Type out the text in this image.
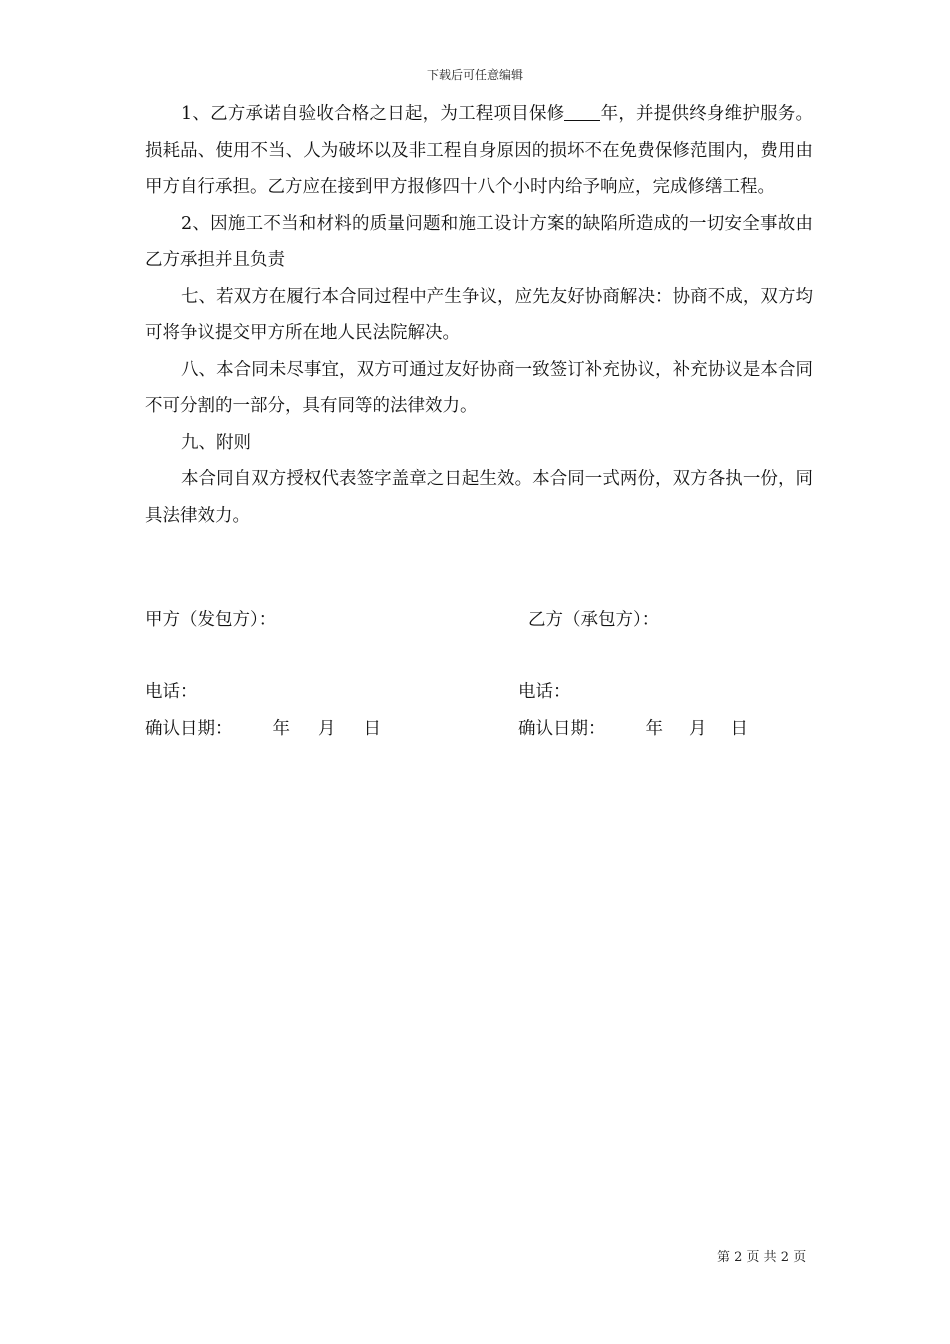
下载后可任意编辑

1、乙方承诺自验收合格之日起，为工程项目保修 年，并提供终身维护服务。损耗品、使用不当、人为破坏以及非工程自身原因的损坏不在免费保修范围内，费用由甲方自行承担。乙方应在接到甲方报修四十八个小时内给予响应，完成修缮工程。

2、因施工不当和材料的质量问题和施工设计方案的缺陷所造成的一切安全事故由乙方承担并且负责

七、若双方在履行本合同过程中产生争议，应先友好协商解决：协商不成，双方均可将争议提交甲方所在地人民法院解决。

八、本合同未尽事宜，双方可通过友好协商一致签订补充协议，补充协议是本合同不可分割的一部分，具有同等的法律效力。

九、附则

本合同自双方授权代表签字盖章之日起生效。本合同一式两份，双方各执一份，同具法律效力。

甲方（发包方）：	乙方（承包方）：
电话：	电话：
确认日期： 年 月 日	确认日期： 年 月 日
第 2 页 共 2 页
